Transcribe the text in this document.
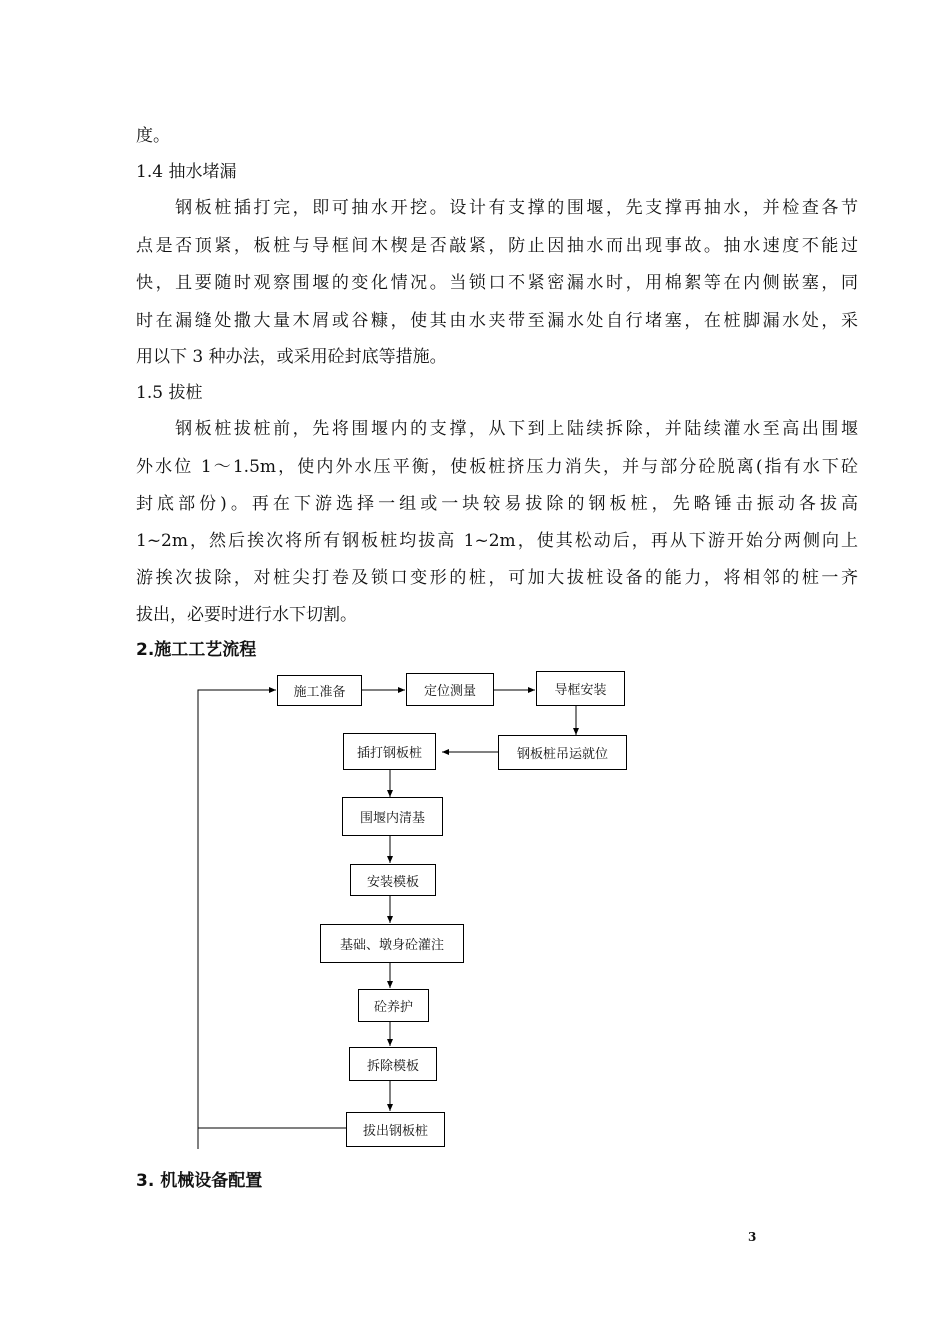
度。
1.4 抽水堵漏
　　钢板桩插打完，即可抽水开挖。设计有支撑的围堰，先支撑再抽水，并检查各节
点是否顶紧，板桩与导框间木楔是否敲紧，防止因抽水而出现事故。抽水速度不能过
快，且要随时观察围堰的变化情况。当锁口不紧密漏水时，用棉絮等在内侧嵌塞，同
时在漏缝处撒大量木屑或谷糠，使其由水夹带至漏水处自行堵塞，在桩脚漏水处，采
用以下 3 种办法，或采用砼封底等措施。
1.5 拔桩
　　钢板桩拔桩前，先将围堰内的支撑，从下到上陆续拆除，并陆续灌水至高出围堰
外水位 1～1.5m，使内外水压平衡，使板桩挤压力消失，并与部分砼脱离(指有水下砼
封底部份)。再在下游选择一组或一块较易拔除的钢板桩，先略锤击振动各拔高
1~2m，然后挨次将所有钢板桩均拔高 1~2m，使其松动后，再从下游开始分两侧向上
游挨次拔除，对桩尖打卷及锁口变形的桩，可加大拔桩设备的能力，将相邻的桩一齐
拔出，必要时进行水下切割。
2.施工工艺流程
施工准备	定位测量	导框安装
钢板桩吊运就位
插打钢板桩
围堰内清基
安装模板
基础、墩身砼灌注
砼养护
拆除模板
拔出钢板桩
3. 机械设备配置
3
